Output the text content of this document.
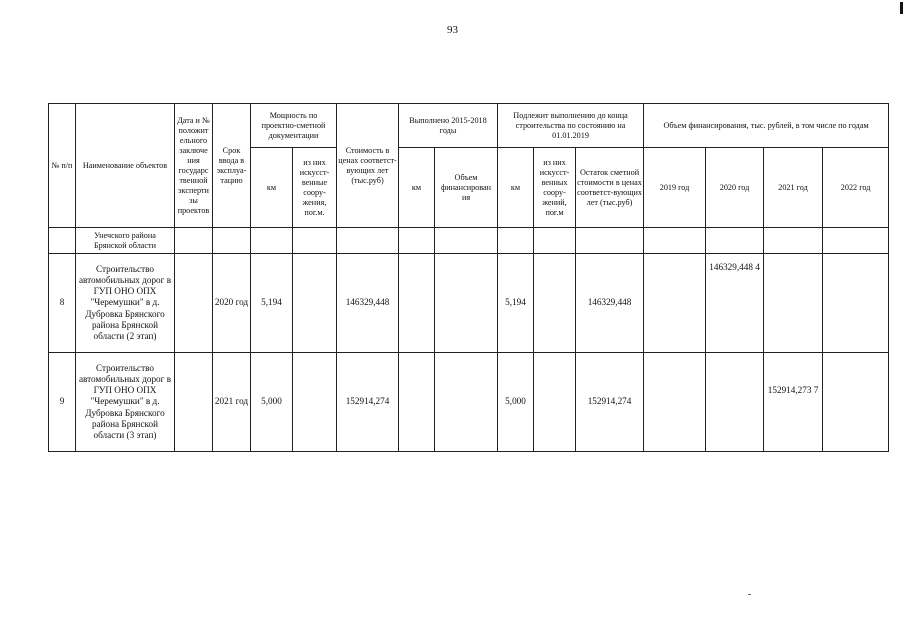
93
№ п/п	Наименование объектов	Дата и № положит ельного заключе ния государс твенной эксперти зы проектов	Срок ввода в эксплуа-тацию	Мощность по проектно-сметной документации		Стоимость в ценах соответст-вующих лет (тыс.руб)	Выполнено 2015-2018 годы		Подлежит выполнению до конца строительства по состоянию на 01.01.2019			Объем финансирования, тыс. рублей, в том числе по годам			
				км	из них искусст-венные соору-жения, пог.м.		км	Объем финансирован ия	км	из них искусст-венных соору-жений, пог.м	Остаток сметной стоимости в ценах соответст-вующих лет (тыс.руб)	2019 год	2020 год	2021 год	2022 год
	Унечского района Брянской области														
8	Строительство автомобильных дорог в ГУП ОНО ОПХ "Черемушки" в д. Дубровка Брянского района Брянской области (2 этап)		2020 год	5,194		146329,448			5,194		146329,448		146329,448 4		
9	Строительство автомобильных дорог в ГУП ОНО ОПХ "Черемушки" в д. Дубровка Брянского района Брянской области (3 этап)		2021 год	5,000		152914,274			5,000		152914,274			152914,273 7	
